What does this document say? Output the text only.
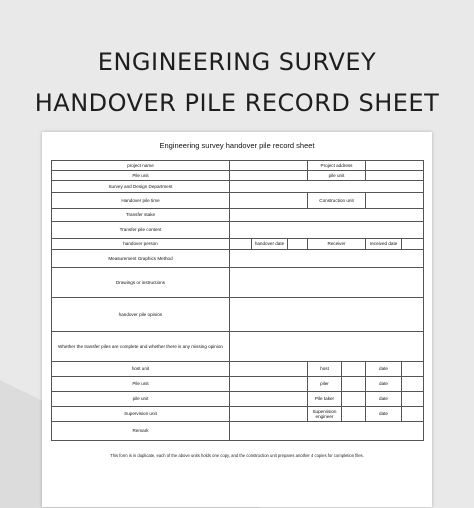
ENGINEERING SURVEY
HANDOVER PILE RECORD SHEET
Engineering survey handover pile record sheet
project name				Project address			
Pile unit				pile unit			
Survey and Design Department							
Handover pile time				Construction unit			
Transfer stake							
Transfer pile content							
handover person		handover date		Receiver		received date	
Measurement Graphics Method							
Drawings or instructions							
handover pile opinion							
Whether the transfer piles are complete and whether there is any missing opinion							
host unit				host		date	
Pile unit				piler		date	
pile unit				Pile taker		date	
Supervision unit				Supervision engineer		date	
Remark							
This form is in duplicate, each of the above units holds one copy, and the construction unit prepares another 4 copies for completion files.
